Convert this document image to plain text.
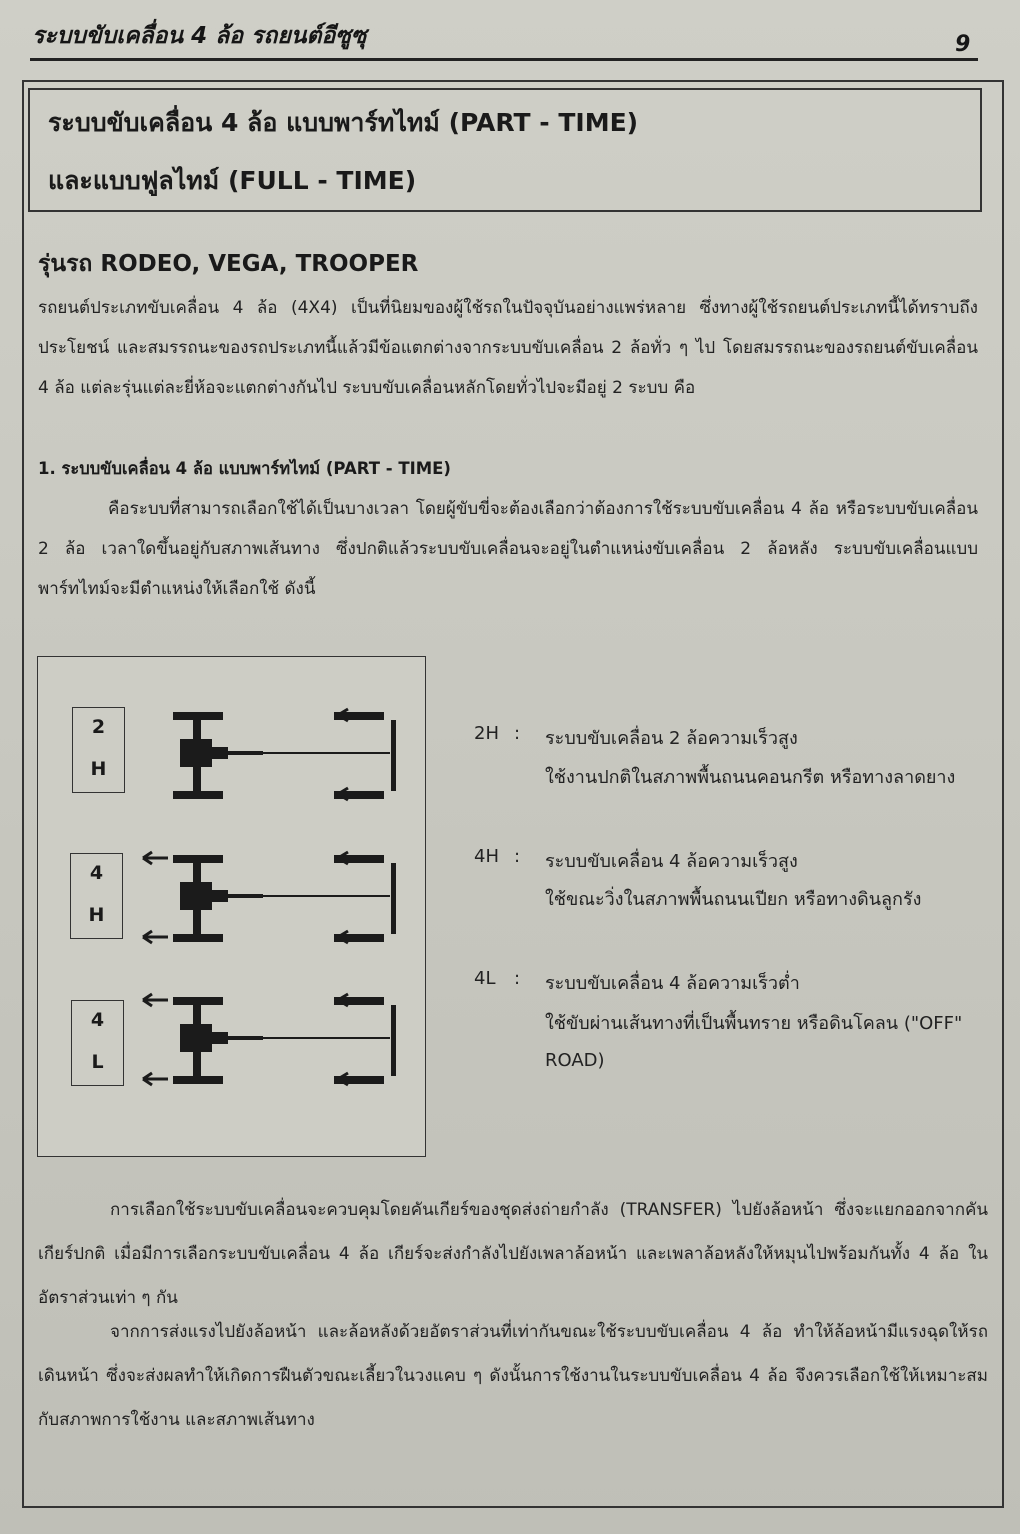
ระบบขับเคลื่อน 4 ล้อ รถยนต์อีซูซุ	9
ระบบขับเคลื่อน 4 ล้อ แบบพาร์ทไทม์ (PART - TIME)
และแบบฟูลไทม์ (FULL - TIME)
รุ่นรถ RODEO, VEGA, TROOPER
รถยนต์ประเภทขับเคลื่อน 4 ล้อ (4X4) เป็นที่นิยมของผู้ใช้รถในปัจจุบันอย่างแพร่หลาย ซึ่งทางผู้ใช้รถยนต์ประเภทนี้ได้ทราบถึงประโยชน์ และสมรรถนะของรถประเภทนี้แล้วมีข้อแตกต่างจากระบบขับเคลื่อน 2 ล้อทั่ว ๆ ไป โดยสมรรถนะของรถยนต์ขับเคลื่อน 4 ล้อ แต่ละรุ่นแต่ละยี่ห้อจะแตกต่างกันไป ระบบขับเคลื่อนหลักโดยทั่วไปจะมีอยู่ 2 ระบบ คือ
1. ระบบขับเคลื่อน 4 ล้อ แบบพาร์ทไทม์ (PART - TIME)
คือระบบที่สามารถเลือกใช้ได้เป็นบางเวลา โดยผู้ขับขี่จะต้องเลือกว่าต้องการใช้ระบบขับเคลื่อน 4 ล้อ หรือระบบขับเคลื่อน 2 ล้อ เวลาใดขึ้นอยู่กับสภาพเส้นทาง ซึ่งปกติแล้วระบบขับเคลื่อนจะอยู่ในตำแหน่งขับเคลื่อน 2 ล้อหลัง ระบบขับเคลื่อนแบบพาร์ทไทม์จะมีตำแหน่งให้เลือกใช้ ดังนี้
2
H
4
H
4
L
2H : ระบบขับเคลื่อน 2 ล้อความเร็วสูง
ใช้งานปกติในสภาพพื้นถนนคอนกรีต หรือทางลาดยาง
4H : ระบบขับเคลื่อน 4 ล้อความเร็วสูง
ใช้ขณะวิ่งในสภาพพื้นถนนเปียก หรือทางดินลูกรัง
4L : ระบบขับเคลื่อน 4 ล้อความเร็วต่ำ
ใช้ขับผ่านเส้นทางที่เป็นพื้นทราย หรือดินโคลน ("OFF"
ROAD)
การเลือกใช้ระบบขับเคลื่อนจะควบคุมโดยคันเกียร์ของชุดส่งถ่ายกำลัง (TRANSFER) ไปยังล้อหน้า ซึ่งจะแยกออกจากคันเกียร์ปกติ เมื่อมีการเลือกระบบขับเคลื่อน 4 ล้อ เกียร์จะส่งกำลังไปยังเพลาล้อหน้า และเพลาล้อหลังให้หมุนไปพร้อมกันทั้ง 4 ล้อ ในอัตราส่วนเท่า ๆ กัน
จากการส่งแรงไปยังล้อหน้า และล้อหลังด้วยอัตราส่วนที่เท่ากันขณะใช้ระบบขับเคลื่อน 4 ล้อ ทำให้ล้อหน้ามีแรงฉุดให้รถเดินหน้า ซึ่งจะส่งผลทำให้เกิดการฝืนตัวขณะเลี้ยวในวงแคบ ๆ ดังนั้นการใช้งานในระบบขับเคลื่อน 4 ล้อ จึงควรเลือกใช้ให้เหมาะสมกับสภาพการใช้งาน และสภาพเส้นทาง
